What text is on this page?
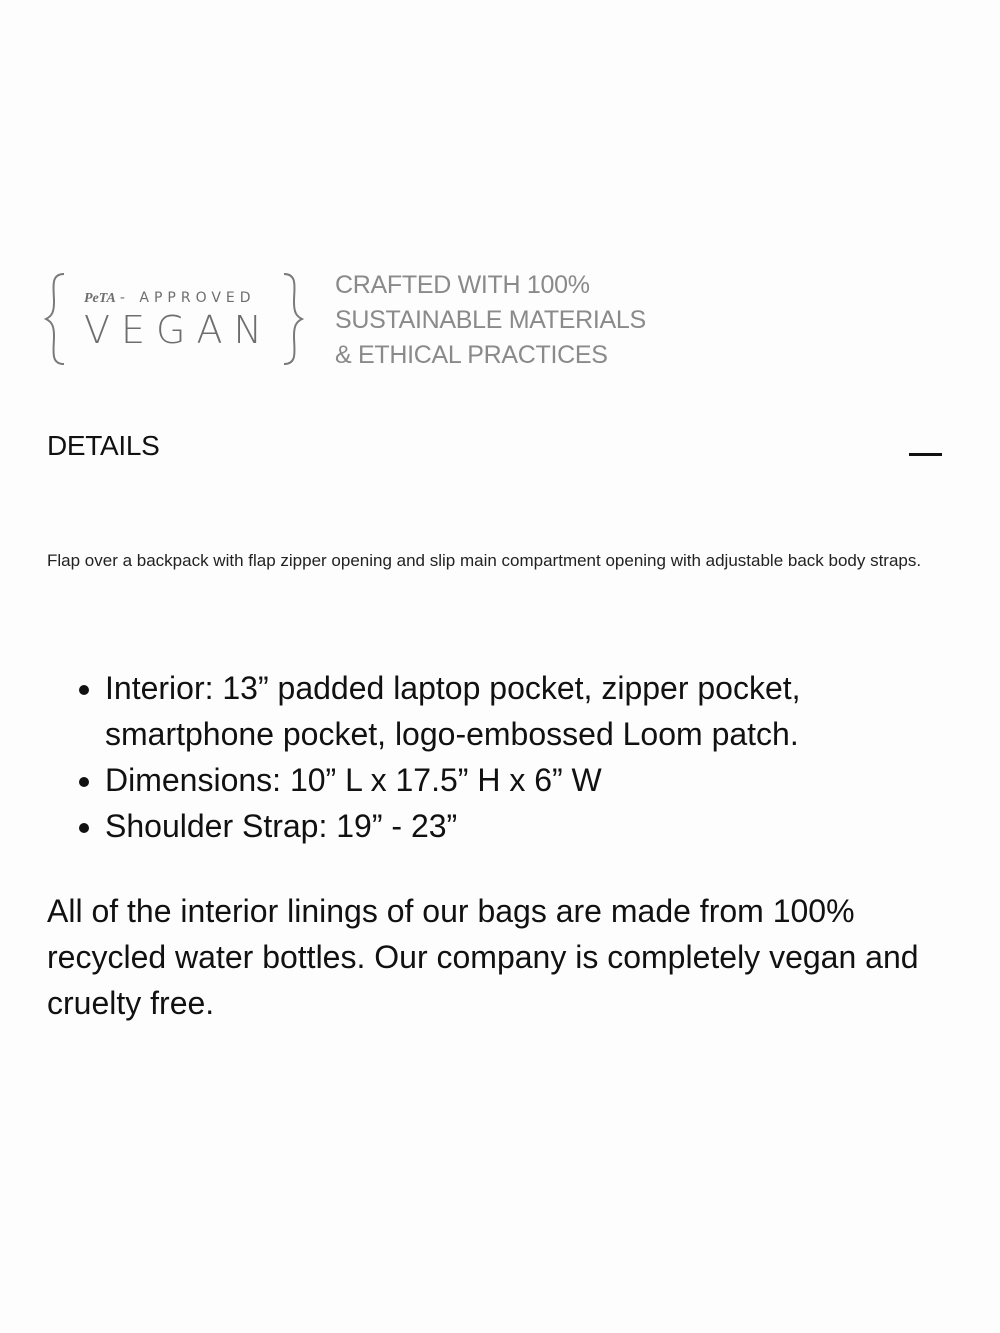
PeTA - APPROVED
VEGAN
CRAFTED WITH 100%
SUSTAINABLE MATERIALS
& ETHICAL PRACTICES
DETAILS
Flap over a backpack with flap zipper opening and slip main compartment opening with adjustable back body straps.
• Interior: 13” padded laptop pocket, zipper pocket, smartphone pocket, logo-embossed Loom patch.
• Dimensions: 10” L x 17.5” H x 6” W
• Shoulder Strap: 19” - 23”

All of the interior linings of our bags are made from 100% recycled water bottles. Our company is completely vegan and cruelty free.
